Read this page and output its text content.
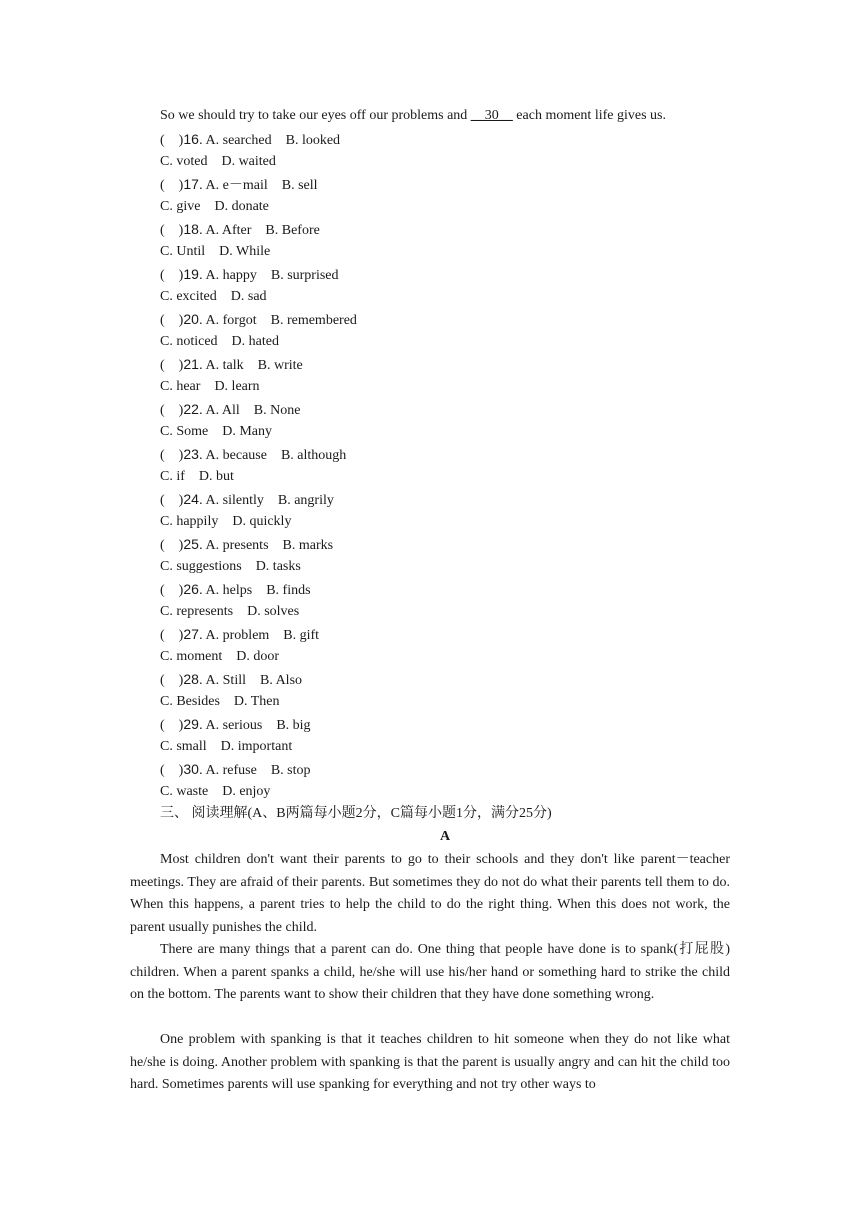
So we should try to take our eyes off our problems and __30__ each moment life gives us.
(    )16. A. searched B. looked
C. voted D. waited
(    )17. A. e－mail B. sell
C. give D. donate
(    )18. A. After B. Before
C. Until D. While
(    )19. A. happy B. surprised
C. excited D. sad
(    )20. A. forgot B. remembered
C. noticed D. hated
(    )21. A. talk B. write
C. hear D. learn
(    )22. A. All B. None
C. Some D. Many
(    )23. A. because B. although
C. if D. but
(    )24. A. silently B. angrily
C. happily D. quickly
(    )25. A. presents B. marks
C. suggestions D. tasks
(    )26. A. helps B. finds
C. represents D. solves
(    )27. A. problem B. gift
C. moment D. door
(    )28. A. Still B. Also
C. Besides D. Then
(    )29. A. serious B. big
C. small D. important
(    )30. A. refuse B. stop
C. waste D. enjoy
三、 阅读理解(A、B两篇每小题2分，C篇每小题1分，满分25分)
A
Most children don't want their parents to go to their schools and they don't like parent－teacher meetings. They are afraid of their parents. But sometimes they do not do what their parents tell them to do. When this happens, a parent tries to help the child to do the right thing. When this does not work, the parent usually punishes the child.
There are many things that a parent can do. One thing that people have done is to spank(打屁股) children. When a parent spanks a child, he/she will use his/her hand or something hard to strike the child on the bottom. The parents want to show their children that they have done something wrong.
One problem with spanking is that it teaches children to hit someone when they do not like what he/she is doing. Another problem with spanking is that the parent is usually angry and can hit the child too hard. Sometimes parents will use spanking for everything and not try other ways to
